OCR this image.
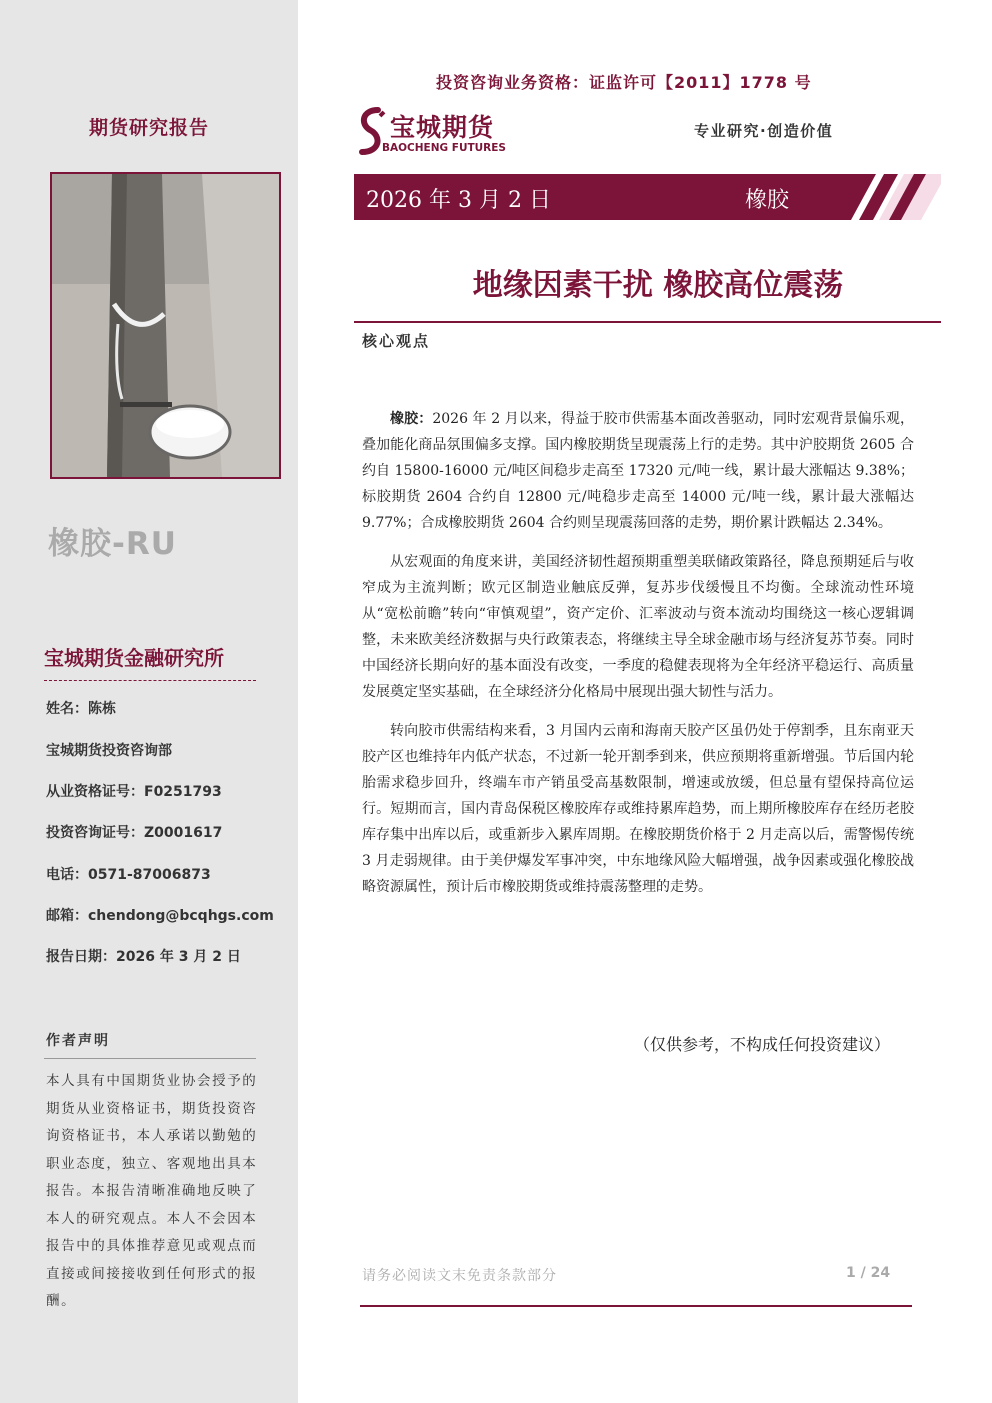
期货研究报告
橡胶-RU
宝城期货金融研究所
姓名：陈栋
宝城期货投资咨询部
从业资格证号：F0251793
投资咨询证号：Z0001617
电话：0571-87006873
邮箱：chendong@bcqhgs.com
报告日期：2026 年 3 月 2 日
作者声明
本人具有中国期货业协会授予的期货从业资格证书，期货投资咨询资格证书，本人承诺以勤勉的职业态度，独立、客观地出具本报告。本报告清晰准确地反映了本人的研究观点。本人不会因本报告中的具体推荐意见或观点而直接或间接接收到任何形式的报酬。
投资咨询业务资格：证监许可【2011】1778 号
宝城期货
BAOCHENG FUTURES
专业研究·创造价值
2026 年 3 月 2 日	橡胶
地缘因素干扰 橡胶高位震荡
核心观点

橡胶：2026 年 2 月以来，得益于胶市供需基本面改善驱动，同时宏观背景偏乐观，叠加能化商品氛围偏多支撑。国内橡胶期货呈现震荡上行的走势。其中沪胶期货 2605 合约自 15800-16000 元/吨区间稳步走高至 17320 元/吨一线，累计最大涨幅达 9.38%；标胶期货 2604 合约自 12800 元/吨稳步走高至 14000 元/吨一线，累计最大涨幅达 9.77%；合成橡胶期货 2604 合约则呈现震荡回落的走势，期价累计跌幅达 2.34%。

从宏观面的角度来讲，美国经济韧性超预期重塑美联储政策路径，降息预期延后与收窄成为主流判断；欧元区制造业触底反弹，复苏步伐缓慢且不均衡。全球流动性环境从“宽松前瞻”转向“审慎观望”，资产定价、汇率波动与资本流动均围绕这一核心逻辑调整，未来欧美经济数据与央行政策表态，将继续主导全球金融市场与经济复苏节奏。同时中国经济长期向好的基本面没有改变，一季度的稳健表现将为全年经济平稳运行、高质量发展奠定坚实基础，在全球经济分化格局中展现出强大韧性与活力。

转向胶市供需结构来看，3 月国内云南和海南天胶产区虽仍处于停割季，且东南亚天胶产区也维持年内低产状态，不过新一轮开割季到来，供应预期将重新增强。节后国内轮胎需求稳步回升，终端车市产销虽受高基数限制，增速或放缓，但总量有望保持高位运行。短期而言，国内青岛保税区橡胶库存或维持累库趋势，而上期所橡胶库存在经历老胶库存集中出库以后，或重新步入累库周期。在橡胶期货价格于 2 月走高以后，需警惕传统 3 月走弱规律。由于美伊爆发军事冲突，中东地缘风险大幅增强，战争因素或强化橡胶战略资源属性，预计后市橡胶期货或维持震荡整理的走势。

（仅供参考，不构成任何投资建议）
请务必阅读文末免责条款部分	1 / 24
